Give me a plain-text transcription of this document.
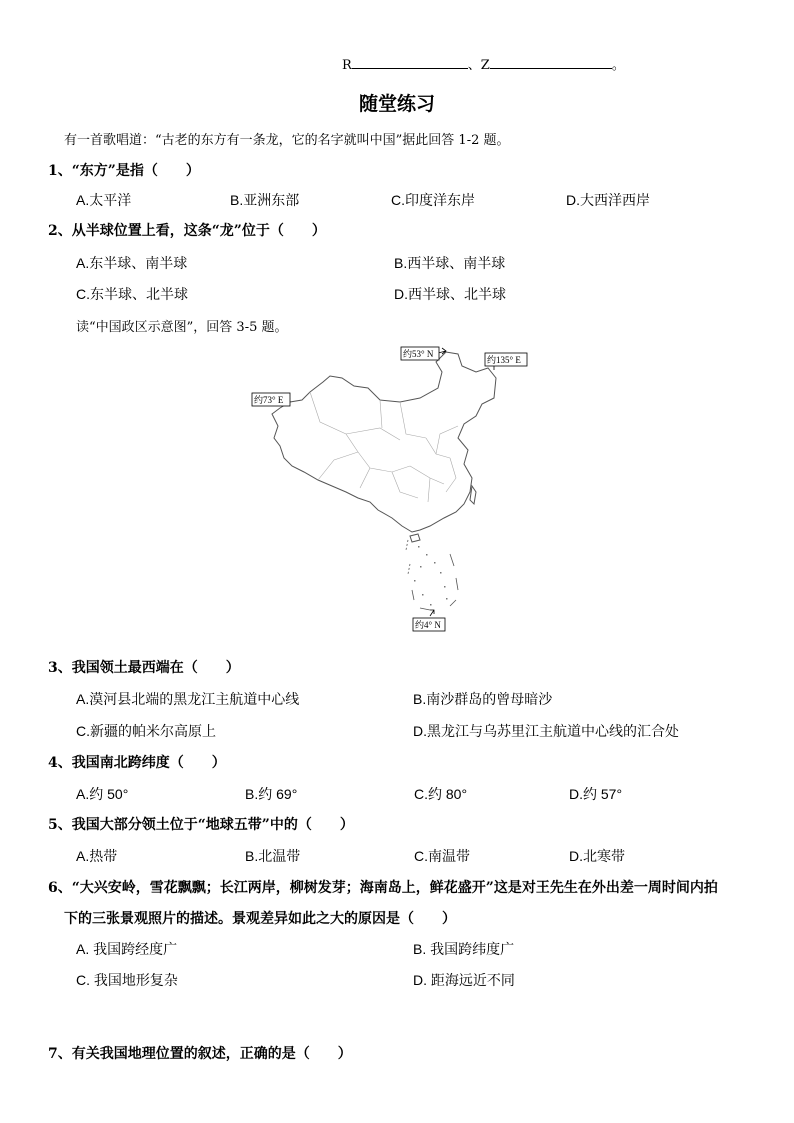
R	、Z	。
随堂练习
有一首歌唱道：“古老的东方有一条龙，它的名字就叫中国”据此回答 1-2 题。
1、“东方”是指（　　）
A.太平洋	B.亚洲东部	C.印度洋东岸	D.大西洋西岸
2、从半球位置上看，这条“龙”位于（　　）
A.东半球、南半球	B.西半球、南半球
C.东半球、北半球	D.西半球、北半球
读“中国政区示意图”，回答 3-5 题。
约53° N
约135° E
约73° E
约4° N
3、我国领土最西端在（　　）
A.漠河县北端的黑龙江主航道中心线	B.南沙群岛的曾母暗沙
C.新疆的帕米尔高原上	D.黑龙江与乌苏里江主航道中心线的汇合处
4、我国南北跨纬度（　　）
A.约 50°	B.约 69°	C.约 80°	D.约 57°
5、我国大部分领土位于“地球五带”中的（　　）
A.热带	B.北温带	C.南温带	D.北寒带
6、“大兴安岭，雪花飘飘；长江两岸，柳树发芽；海南岛上，鲜花盛开”这是对王先生在外出差一周时间内拍
下的三张景观照片的描述。景观差异如此之大的原因是（　　）
A. 我国跨经度广	B. 我国跨纬度广
C. 我国地形复杂	D. 距海远近不同
7、有关我国地理位置的叙述，正确的是（　　）
